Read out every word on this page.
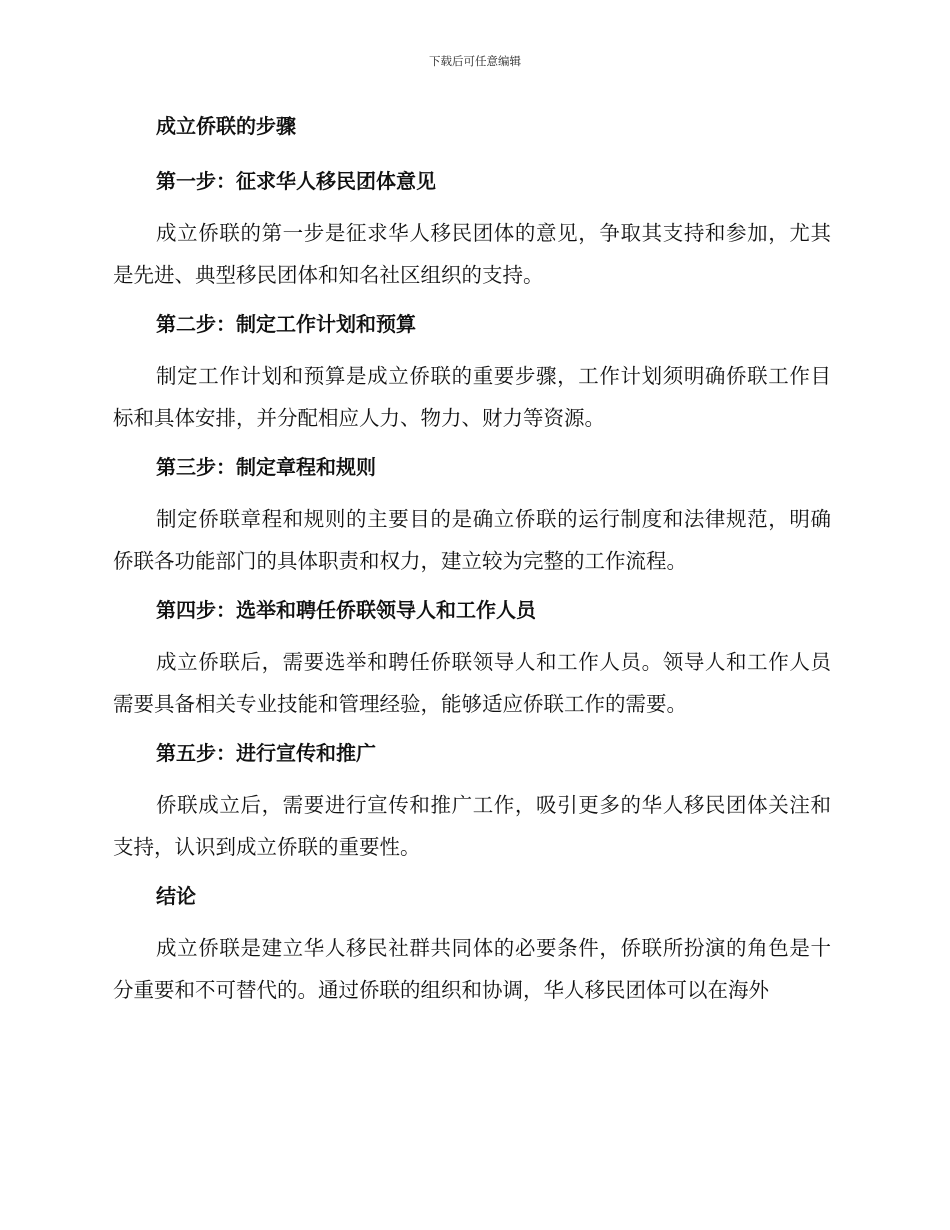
下载后可任意编辑
成立侨联的步骤
第一步：征求华人移民团体意见

成立侨联的第一步是征求华人移民团体的意见，争取其支持和参加，尤其是先进、典型移民团体和知名社区组织的支持。

第二步：制定工作计划和预算

制定工作计划和预算是成立侨联的重要步骤，工作计划须明确侨联工作目标和具体安排，并分配相应人力、物力、财力等资源。

第三步：制定章程和规则

制定侨联章程和规则的主要目的是确立侨联的运行制度和法律规范，明确侨联各功能部门的具体职责和权力，建立较为完整的工作流程。

第四步：选举和聘任侨联领导人和工作人员

成立侨联后，需要选举和聘任侨联领导人和工作人员。领导人和工作人员需要具备相关专业技能和管理经验，能够适应侨联工作的需要。

第五步：进行宣传和推广

侨联成立后，需要进行宣传和推广工作，吸引更多的华人移民团体关注和支持，认识到成立侨联的重要性。

结论

成立侨联是建立华人移民社群共同体的必要条件，侨联所扮演的角色是十分重要和不可替代的。通过侨联的组织和协调，华人移民团体可以在海外
